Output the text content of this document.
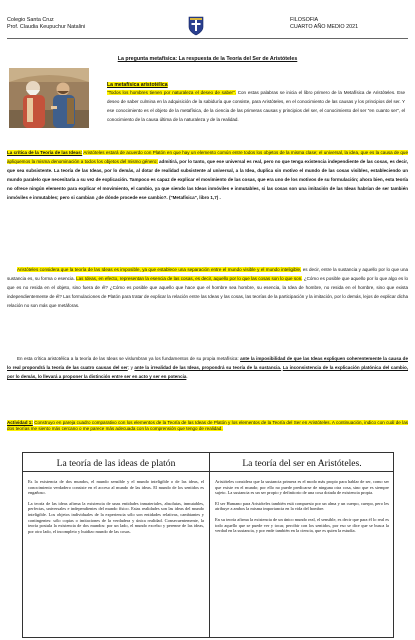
Colegio Santa Cruz
Prof. Claudia Keupuchur Natalini
FILOSOFIA
CUARTO AÑO MEDIO 2021
La pregunta metafísica: La respuesta de la Teoría del Ser de Aristóteles
La metafísica aristotélica
"Todos los hombres tienen por naturaleza el deseo de saber". Con estas palabras se inicia el libro primero de la Metafísica de Aristóteles. Ese deseo de saber culmina en la adquisición de la sabiduría que consiste, para Aristóteles, en el conocimiento de las causas y los principios del ser. Y ese conocimiento es el objeto de la metafísica, de la ciencia de las primeras causas y principios del ser, el conocimiento del ser "en cuanto ser", el conocimiento de la causa última de la naturaleza y de la realidad.
La crítica de la Teoría de las Ideas: Aristóteles estará de acuerdo con Platón en que hay un elemento común entre todos los objetos de la misma clase; el universal, la idea, que es la causa de que apliquemos la misma denominación a todos los objetos del mismo género; admitirá, por lo tanto, que ese universal es real, pero no que tenga existencia independiente de las cosas, es decir, que sea subsistente. La teoría de las Ideas, por lo demás, al dotar de realidad subsistente al universal, a la Idea, duplica sin motivo el mundo de las cosas visibles, estableciendo un mundo paralelo que necesitaría a su vez de explicación. Tampoco es capaz de explicar el movimiento de las cosas, que era uno de los motivos de su formulación; ahora bien, esta teoría no ofrece ningún elemento para explicar el movimiento, el cambio, ya que siendo las Ideas inmóviles e inmutables, si las cosas son una imitación de las Ideas habrían de ser también inmóviles e inmutables; pero si cambian ¿de dónde procede ese cambio?. ("Metafísica", libro 1,7) .
Aristóteles considera que la teoría de las Ideas es imposible, ya que establece una separación entre el mundo visible y el mundo inteligible, es decir, entre la sustancia y aquello por lo que una sustancia es, su forma o esencia. Las Ideas, en efecto, representan la esencia de las cosas, es decir, aquello por lo que las cosas son lo que son. ¿Cómo es posible que aquello por lo que algo es lo que es no resida en el objeto, sino fuera de él? ¿Cómo es posible que aquello que hace que el hombre sea hombre, su esencia, la Idea de hombre, no resida en el hombre, sino que exista independientemente de él? Las formulaciones de Platón para tratar de explicar la relación entre las Ideas y las cosas, las teorías de la participación y la imitación, por lo demás, lejos de explicar dicha relación no son más que metáforas.
En esta crítica aristotélica a la teoría de las Ideas se vislumbran ya los fundamentos de su propia metafísica: ante la imposibilidad de que las Ideas expliquen coherentemente la causa de lo real propondrá la teoría de las cuatro causas del ser; y ante la irrealidad de las Ideas, propondrá su teoría de la sustancia. La inconsistencia de la explicación platónica del cambio, por lo demás, lo llevará a proponer la distinción entre ser en acto y ser en potencia.
Actividad 1: Construyo en pareja cuadro comparativo con los elementos de la Teoría de las Ideas de Platón y los elementos de la Teoría del Ser en Aristóteles. A continuación, indico con cuál de las dos teorías me siento más cercano o me parece más adecuada con la comprensión que tengo de realidad.
La teoría de las ideas de platón	La teoría del ser en Aristóteles.

Es la existencia de dos mundos, el mundo sensible y el mundo inteligible o de las ideas, el conocimiento verdadero consiste en el acceso al mundo de las ideas. El mundo de los sentidos es engañoso.

La teoría de las ideas afirma la existencia de unas entidades inmateriales, absolutas, inmutables, perfectas, universales e independientes del mundo físico. Estas realidades son las ideas del mundo inteligible. Los objetos individuales de la experiencia sólo son entidades relativas, cambiantes y contingentes: sólo copias o imitaciones de la verdadera y única realidad. Consecuentemente, la teoría postula la existencia de dos mundos: por un lado, el mundo excelso y perenne de las ideas, por otro lado, el incompleto y huidizo mundo de las cosas.

Aristóteles considera que la sustancia primera es el modo más propio para hablar de ser, como ser que existe en el mundo; por ello no puede predicarse de ninguna otra cosa, sino que es siempre sujeto. La sustancia es un ser propio y definitorio de una cosa dotada de existencia propia.

El ser Humano para Aristóteles también está compuesto por un alma y un cuerpo, cuerpo, pero les atribuye a ambos la misma importancia en la vida del hombre.

En su teoría afirma la existencia de un único mundo real, el sensible, es decir que para él lo real es todo aquello que se puede ver y tocar, percibir con los sentidos, por eso se dice que se busca la verdad en la sustancia, y por ende también en la ciencia, que es quien la estudia.
